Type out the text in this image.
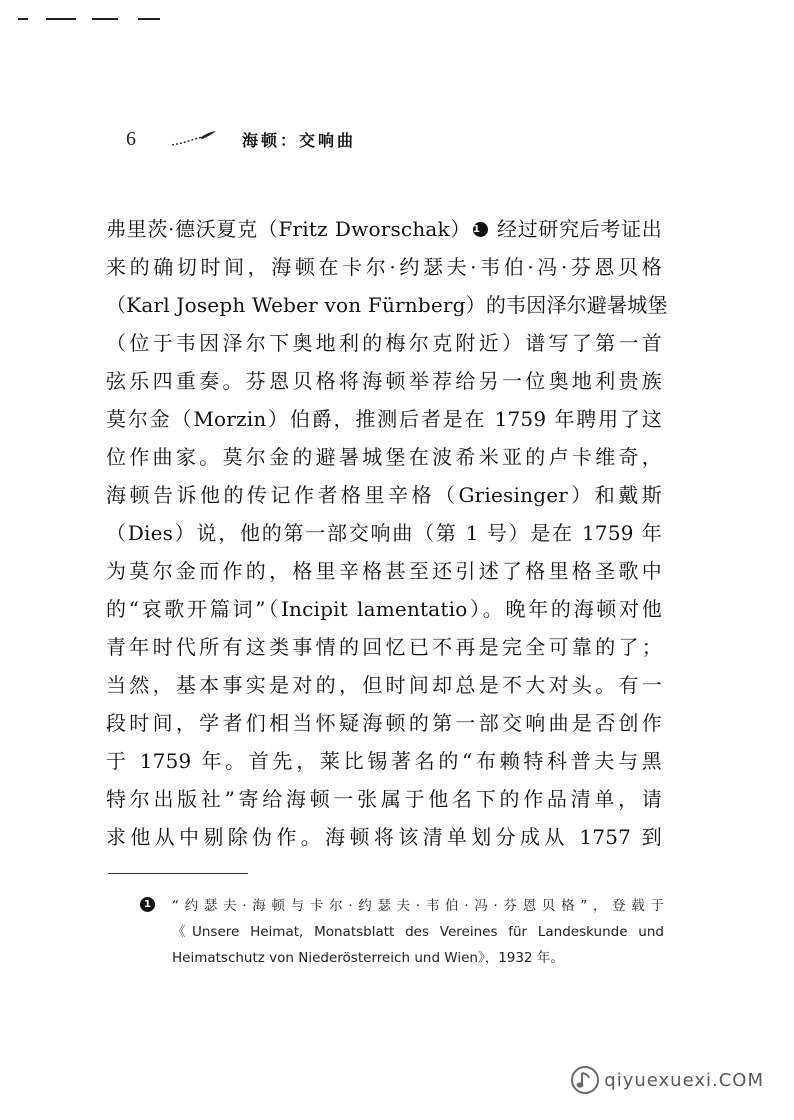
6	海顿：交响曲
弗里茨·德沃夏克（Fritz Dworschak） 1 经过研究后考证出
来的确切时间，海顿在卡尔·约瑟夫·韦伯·冯·芬恩贝格
（Karl Joseph Weber von Fürnberg）的韦因泽尔避暑城堡
（位于韦因泽尔下奥地利的梅尔克附近）谱写了第一首
弦乐四重奏。芬恩贝格将海顿举荐给另一位奥地利贵族
莫尔金（Morzin）伯爵，推测后者是在 1759 年聘用了这
位作曲家。莫尔金的避暑城堡在波希米亚的卢卡维奇，
海顿告诉他的传记作者格里辛格（Griesinger）和戴斯
（Dies）说，他的第一部交响曲（第 1 号）是在 1759 年
为莫尔金而作的，格里辛格甚至还引述了格里格圣歌中
的“哀歌开篇词”（Incipit lamentatio）。晚年的海顿对他
青年时代所有这类事情的回忆已不再是完全可靠的了；
当然，基本事实是对的，但时间却总是不大对头。有一
段时间，学者们相当怀疑海顿的第一部交响曲是否创作
于 1759 年。首先，莱比锡著名的“布赖特科普夫与黑
特尔出版社”寄给海顿一张属于他名下的作品清单，请
求他从中剔除伪作。海顿将该清单划分成从 1757 到
1 “约瑟夫·海顿与卡尔·约瑟夫·韦伯·冯·芬恩贝格”，登载于
《Unsere Heimat, Monatsblatt des Vereines für Landeskunde und
Heimatschutz von Niederösterreich und Wien》，1932 年。
qiyuexuexi.COM
